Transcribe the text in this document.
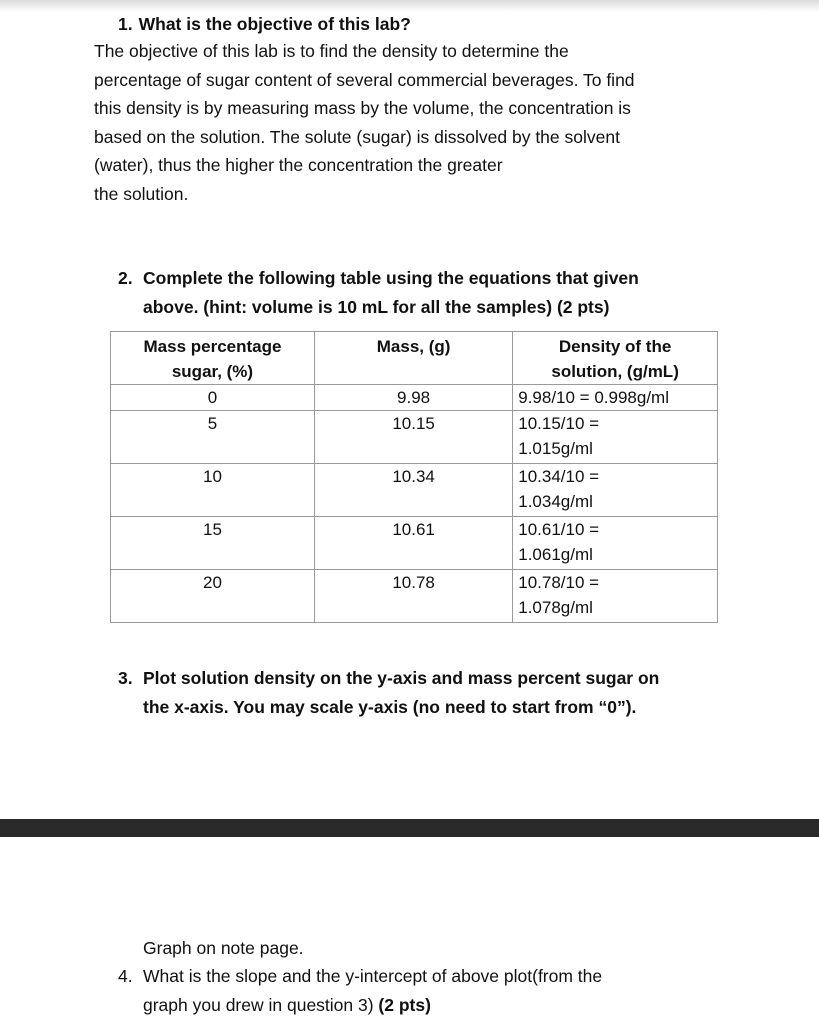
1. What is the objective of this lab?
The objective of this lab is to find the density to determine the
percentage of sugar content of several commercial beverages. To find
this density is by measuring mass by the volume, the concentration is
based on the solution. The solute (sugar) is dissolved by the solvent
(water), thus the higher the concentration the greater
the solution.
2. Complete the following table using the equations that given
above. (hint: volume is 10 mL for all the samples) (2 pts)
Mass percentage
sugar, (%)	Mass, (g)	Density of the
solution, (g/mL)

0	9.98	9.98/10 = 0.998g/ml

5	10.15	10.15/10 =
1.015g/ml

10	10.34	10.34/10 =
1.034g/ml

15	10.61	10.61/10 =
1.061g/ml

20	10.78	10.78/10 =
1.078g/ml
3. Plot solution density on the y-axis and mass percent sugar on
the x-axis. You may scale y-axis (no need to start from “0”).
Graph on note page.
4. What is the slope and the y-intercept of above plot(from the
graph you drew in question 3) (2 pts)
